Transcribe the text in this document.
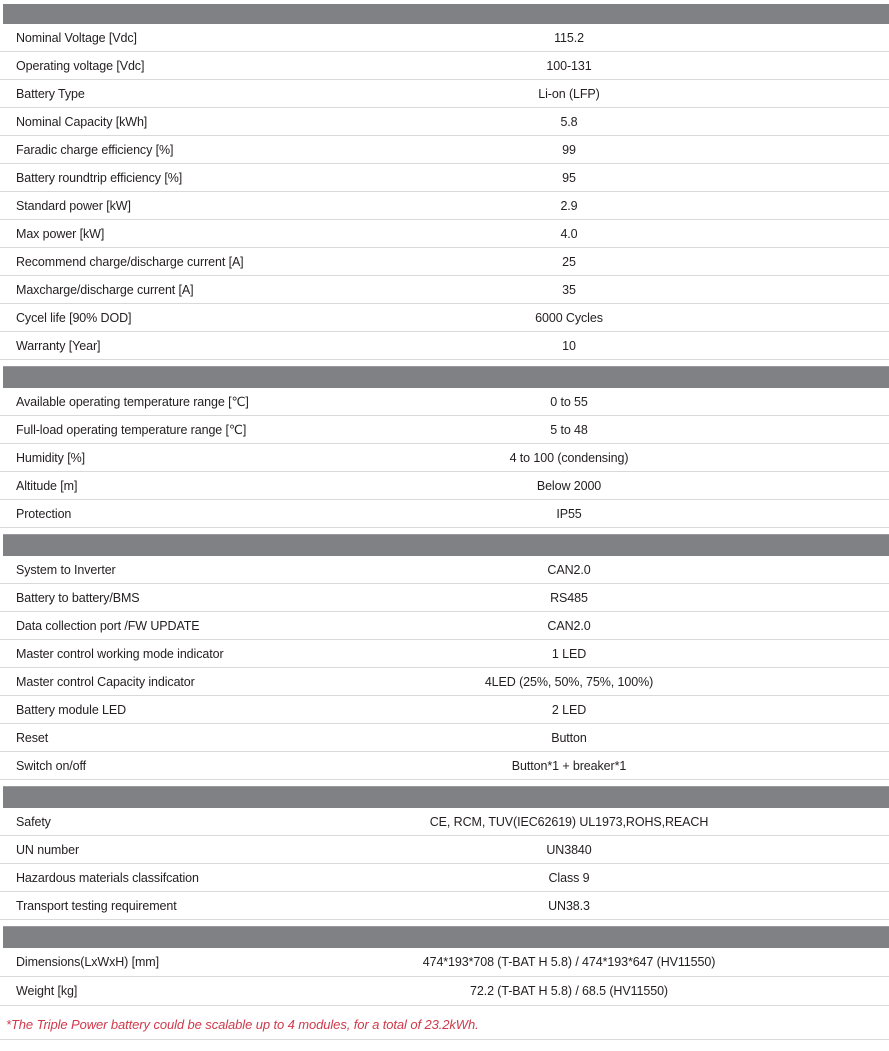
Nominal Voltage [Vdc]	115.2
Operating voltage [Vdc]	100-131
Battery Type	Li-on (LFP)
Nominal Capacity [kWh]	5.8
Faradic charge efficiency [%]	99
Battery roundtrip efficiency [%]	95
Standard power [kW]	2.9
Max power [kW]	4.0
Recommend charge/discharge current [A]	25
Maxcharge/discharge current [A]	35
Cycel life [90% DOD]	6000 Cycles
Warranty [Year]	10
Available operating temperature range [℃]	0 to 55
Full-load operating temperature range [℃]	5 to 48
Humidity [%]	4 to 100 (condensing)
Altitude [m]	Below 2000
Protection	IP55
System to Inverter	CAN2.0
Battery to battery/BMS	RS485
Data collection port /FW UPDATE	CAN2.0
Master control working mode indicator	1 LED
Master control Capacity indicator	4LED (25%, 50%, 75%, 100%)
Battery module LED	2 LED
Reset	Button
Switch on/off	Button*1 + breaker*1
Safety	CE, RCM, TUV(IEC62619) UL1973,ROHS,REACH
UN number	UN3840
Hazardous materials classifcation	Class 9
Transport testing requirement	UN38.3
Dimensions(LxWxH) [mm]	474*193*708 (T-BAT H 5.8) / 474*193*647 (HV11550)
Weight [kg]	72.2 (T-BAT H 5.8) / 68.5 (HV11550)
*The Triple Power battery could be scalable up to 4 modules, for a total of 23.2kWh.
